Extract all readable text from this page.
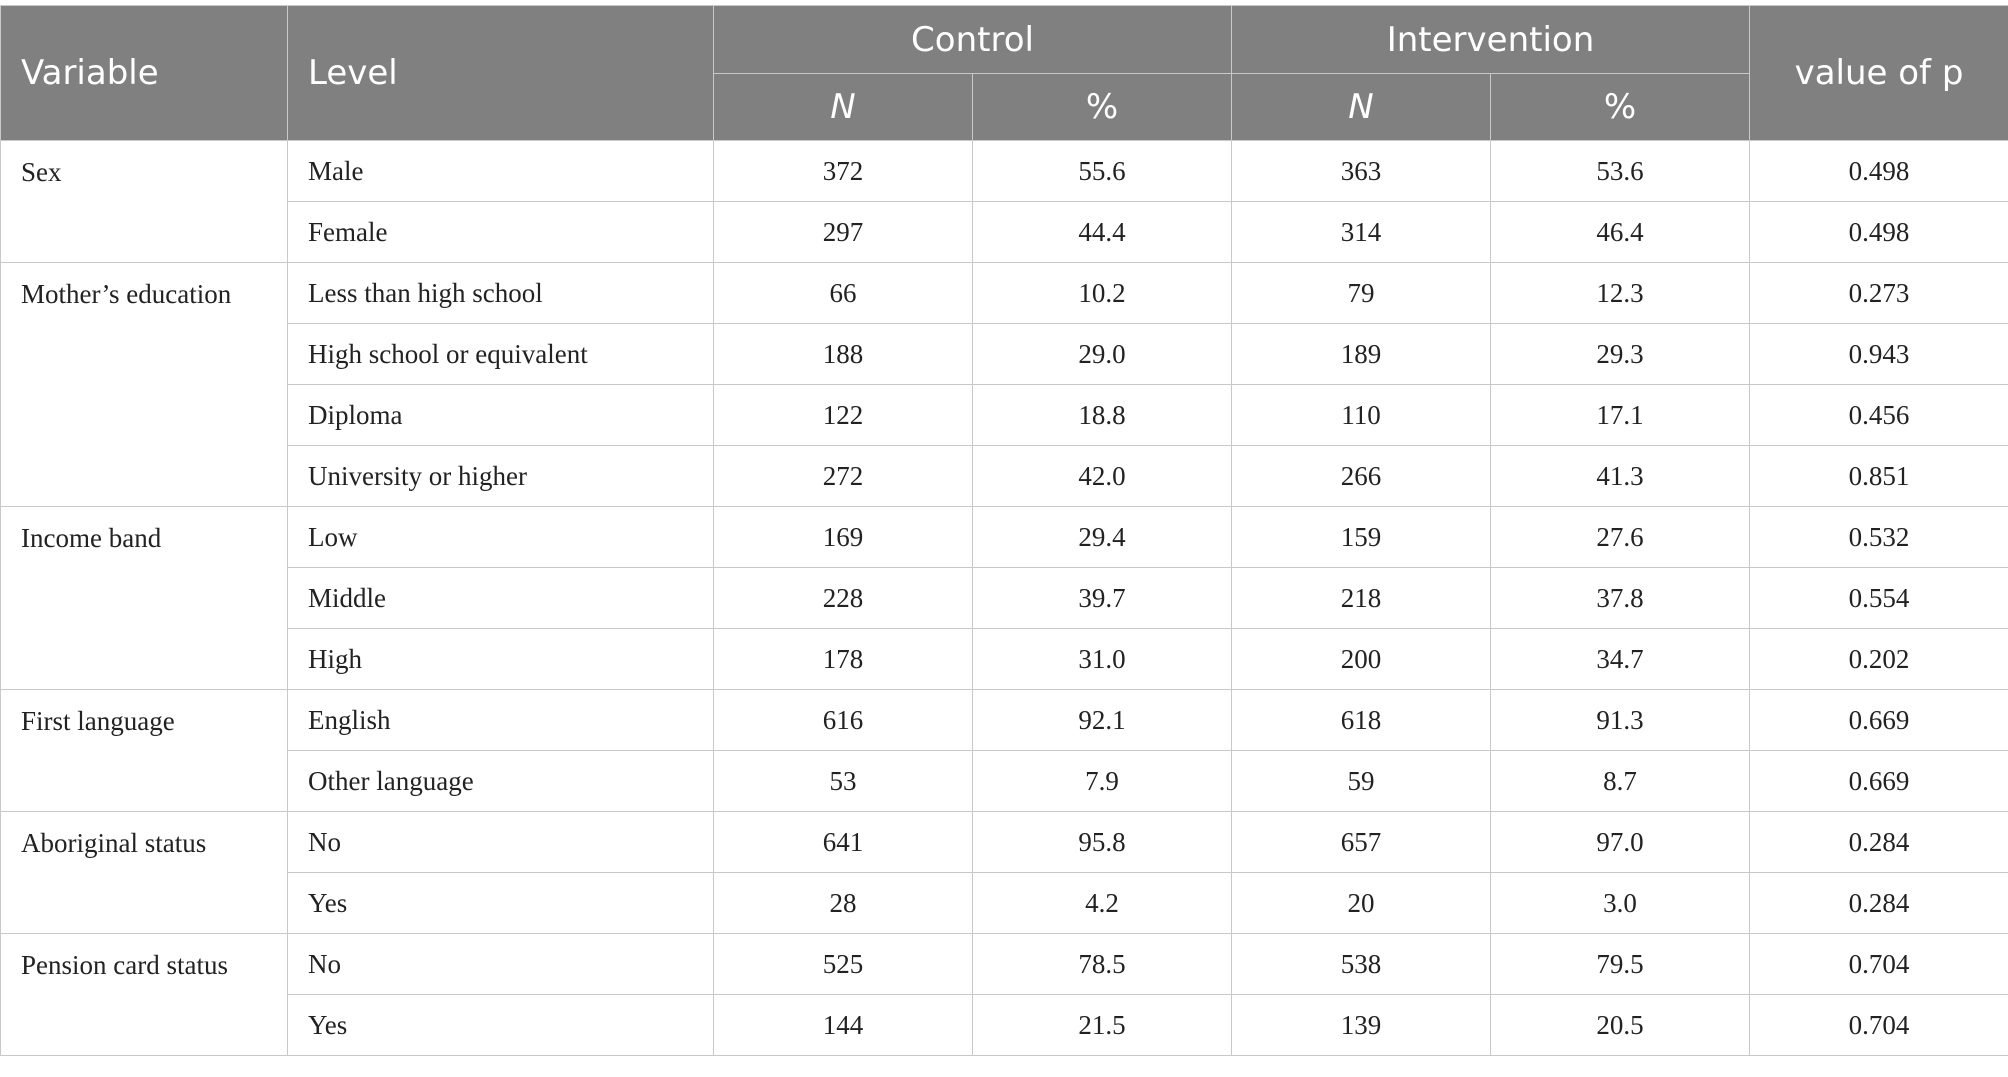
Variable	Level	Control		Intervention		value of p
		N	%	N	%	
Sex	Male	372	55.6	363	53.6	0.498
	Female	297	44.4	314	46.4	0.498
Mother’s education	Less than high school	66	10.2	79	12.3	0.273
	High school or equivalent	188	29.0	189	29.3	0.943
	Diploma	122	18.8	110	17.1	0.456
	University or higher	272	42.0	266	41.3	0.851
Income band	Low	169	29.4	159	27.6	0.532
	Middle	228	39.7	218	37.8	0.554
	High	178	31.0	200	34.7	0.202
First language	English	616	92.1	618	91.3	0.669
	Other language	53	7.9	59	8.7	0.669
Aboriginal status	No	641	95.8	657	97.0	0.284
	Yes	28	4.2	20	3.0	0.284
Pension card status	No	525	78.5	538	79.5	0.704
	Yes	144	21.5	139	20.5	0.704
